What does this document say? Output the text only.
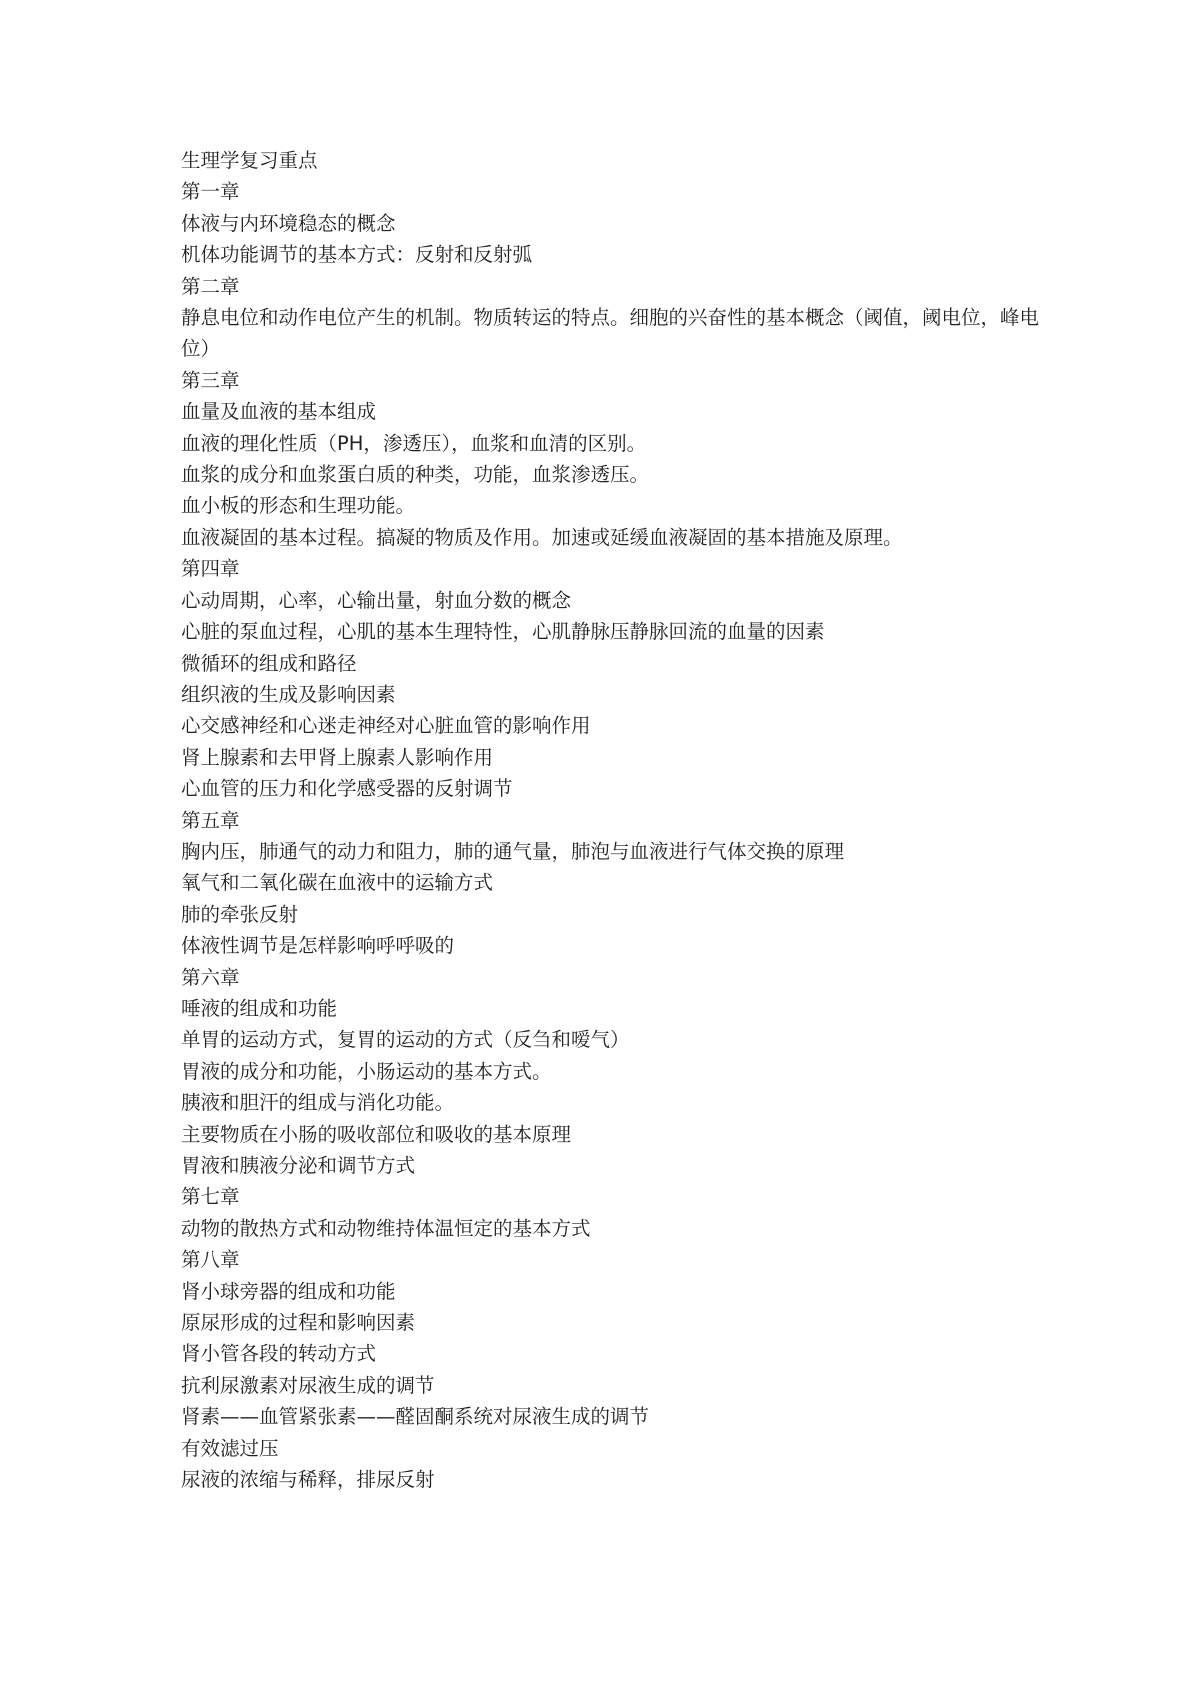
生理学复习重点

第一章

体液与内环境稳态的概念

机体功能调节的基本方式：反射和反射弧

第二章

静息电位和动作电位产生的机制。物质转运的特点。细胞的兴奋性的基本概念（阈值，阈电位，峰电位）

第三章

血量及血液的基本组成

血液的理化性质（PH，渗透压），血浆和血清的区别。

血浆的成分和血浆蛋白质的种类，功能，血浆渗透压。

血小板的形态和生理功能。

血液凝固的基本过程。搞凝的物质及作用。加速或延缓血液凝固的基本措施及原理。

第四章

心动周期，心率，心输出量，射血分数的概念

心脏的泵血过程，心肌的基本生理特性，心肌静脉压静脉回流的血量的因素

微循环的组成和路径

组织液的生成及影响因素

心交感神经和心迷走神经对心脏血管的影响作用

肾上腺素和去甲肾上腺素人影响作用

心血管的压力和化学感受器的反射调节

第五章

胸内压，肺通气的动力和阻力，肺的通气量，肺泡与血液进行气体交换的原理

氧气和二氧化碳在血液中的运输方式

肺的牵张反射

体液性调节是怎样影响呼呼吸的

第六章

唾液的组成和功能

单胃的运动方式，复胃的运动的方式（反刍和嗳气）

胃液的成分和功能，小肠运动的基本方式。

胰液和胆汗的组成与消化功能。

主要物质在小肠的吸收部位和吸收的基本原理

胃液和胰液分泌和调节方式

第七章

动物的散热方式和动物维持体温恒定的基本方式

第八章

肾小球旁器的组成和功能

原尿形成的过程和影响因素

肾小管各段的转动方式

抗利尿激素对尿液生成的调节

肾素——血管紧张素——醛固酮系统对尿液生成的调节

有效滤过压

尿液的浓缩与稀释，排尿反射
